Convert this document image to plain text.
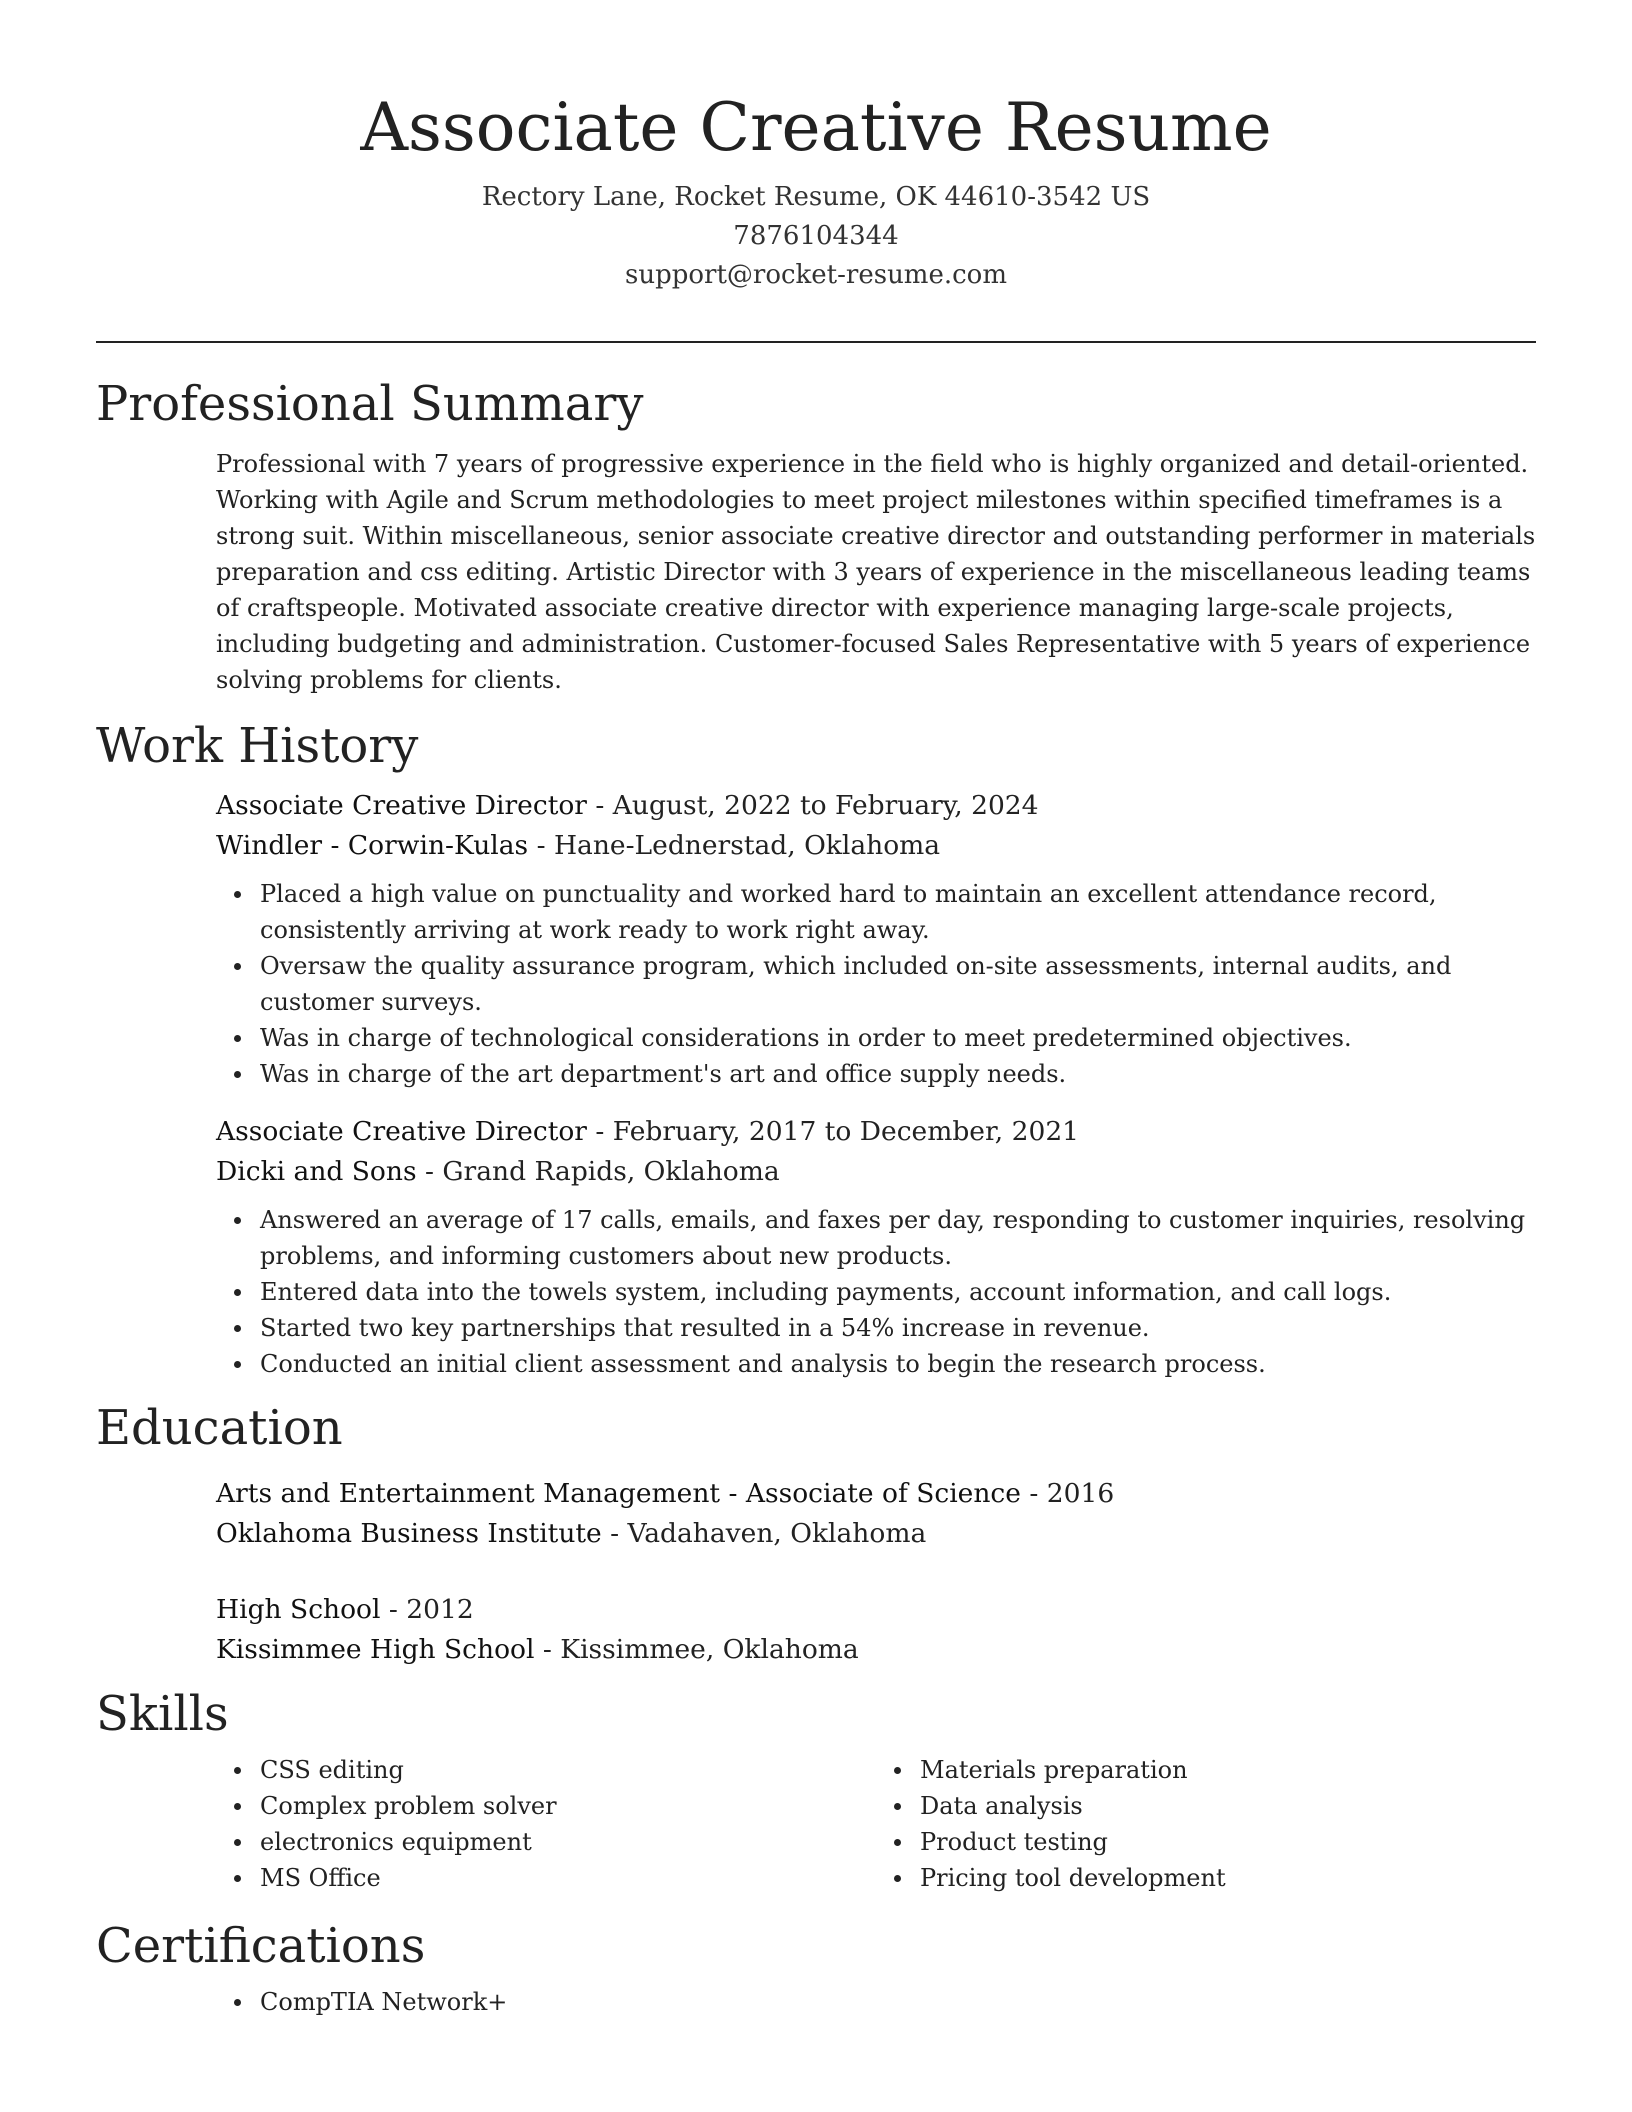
Associate Creative Resume
Rectory Lane, Rocket Resume, OK 44610-3542 US
7876104344
support@rocket-resume.com
Professional Summary

Professional with 7 years of progressive experience in the field who is highly organized and detail-oriented. Working with Agile and Scrum methodologies to meet project milestones within specified timeframes is a strong suit. Within miscellaneous, senior associate creative director and outstanding performer in materials preparation and css editing. Artistic Director with 3 years of experience in the miscellaneous leading teams of craftspeople. Motivated associate creative director with experience managing large-scale projects, including budgeting and administration. Customer-focused Sales Representative with 5 years of experience solving problems for clients.

Work History
Associate Creative Director - August, 2022 to February, 2024
Windler - Corwin-Kulas - Hane-Lednerstad, Oklahoma
Placed a high value on punctuality and worked hard to maintain an excellent attendance record, consistently arriving at work ready to work right away.
Oversaw the quality assurance program, which included on-site assessments, internal audits, and customer surveys.
Was in charge of technological considerations in order to meet predetermined objectives.
Was in charge of the art department's art and office supply needs.
Associate Creative Director - February, 2017 to December, 2021
Dicki and Sons - Grand Rapids, Oklahoma
Answered an average of 17 calls, emails, and faxes per day, responding to customer inquiries, resolving problems, and informing customers about new products.
Entered data into the towels system, including payments, account information, and call logs.
Started two key partnerships that resulted in a 54% increase in revenue.
Conducted an initial client assessment and analysis to begin the research process.
Education
Arts and Entertainment Management - Associate of Science - 2016
Oklahoma Business Institute - Vadahaven, Oklahoma
High School - 2012
Kissimmee High School - Kissimmee, Oklahoma
Skills
CSS editing
Complex problem solver
electronics equipment
MS Office
Materials preparation
Data analysis
Product testing
Pricing tool development
Certifications
CompTIA Network+
